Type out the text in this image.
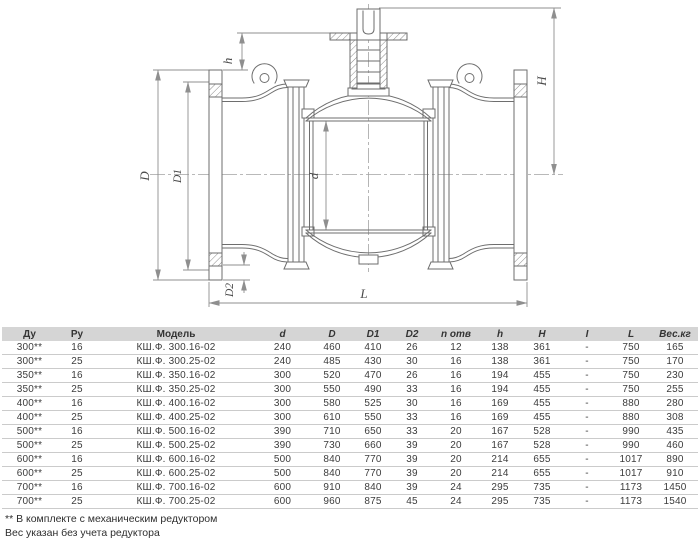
D D1
D2
d
h
H
L
Ду	Ру	Модель	d	D	D1	D2	n отв	h	H	I	L	Вес.кг
300**	16	КШ.Ф. 300.16-02	240	460	410	26	12	138	361	-	750	165
300**	25	КШ.Ф. 300.25-02	240	485	430	30	16	138	361	-	750	170
350**	16	КШ.Ф. 350.16-02	300	520	470	26	16	194	455	-	750	230
350**	25	КШ.Ф. 350.25-02	300	550	490	33	16	194	455	-	750	255
400**	16	КШ.Ф. 400.16-02	300	580	525	30	16	169	455	-	880	280
400**	25	КШ.Ф. 400.25-02	300	610	550	33	16	169	455	-	880	308
500**	16	КШ.Ф. 500.16-02	390	710	650	33	20	167	528	-	990	435
500**	25	КШ.Ф. 500.25-02	390	730	660	39	20	167	528	-	990	460
600**	16	КШ.Ф. 600.16-02	500	840	770	39	20	214	655	-	1017	890
600**	25	КШ.Ф. 600.25-02	500	840	770	39	20	214	655	-	1017	910
700**	16	КШ.Ф. 700.16-02	600	910	840	39	24	295	735	-	1173	1450
700**	25	КШ.Ф. 700.25-02	600	960	875	45	24	295	735	-	1173	1540
** В комплекте с механическим редуктором
Вес указан без учета редуктора
